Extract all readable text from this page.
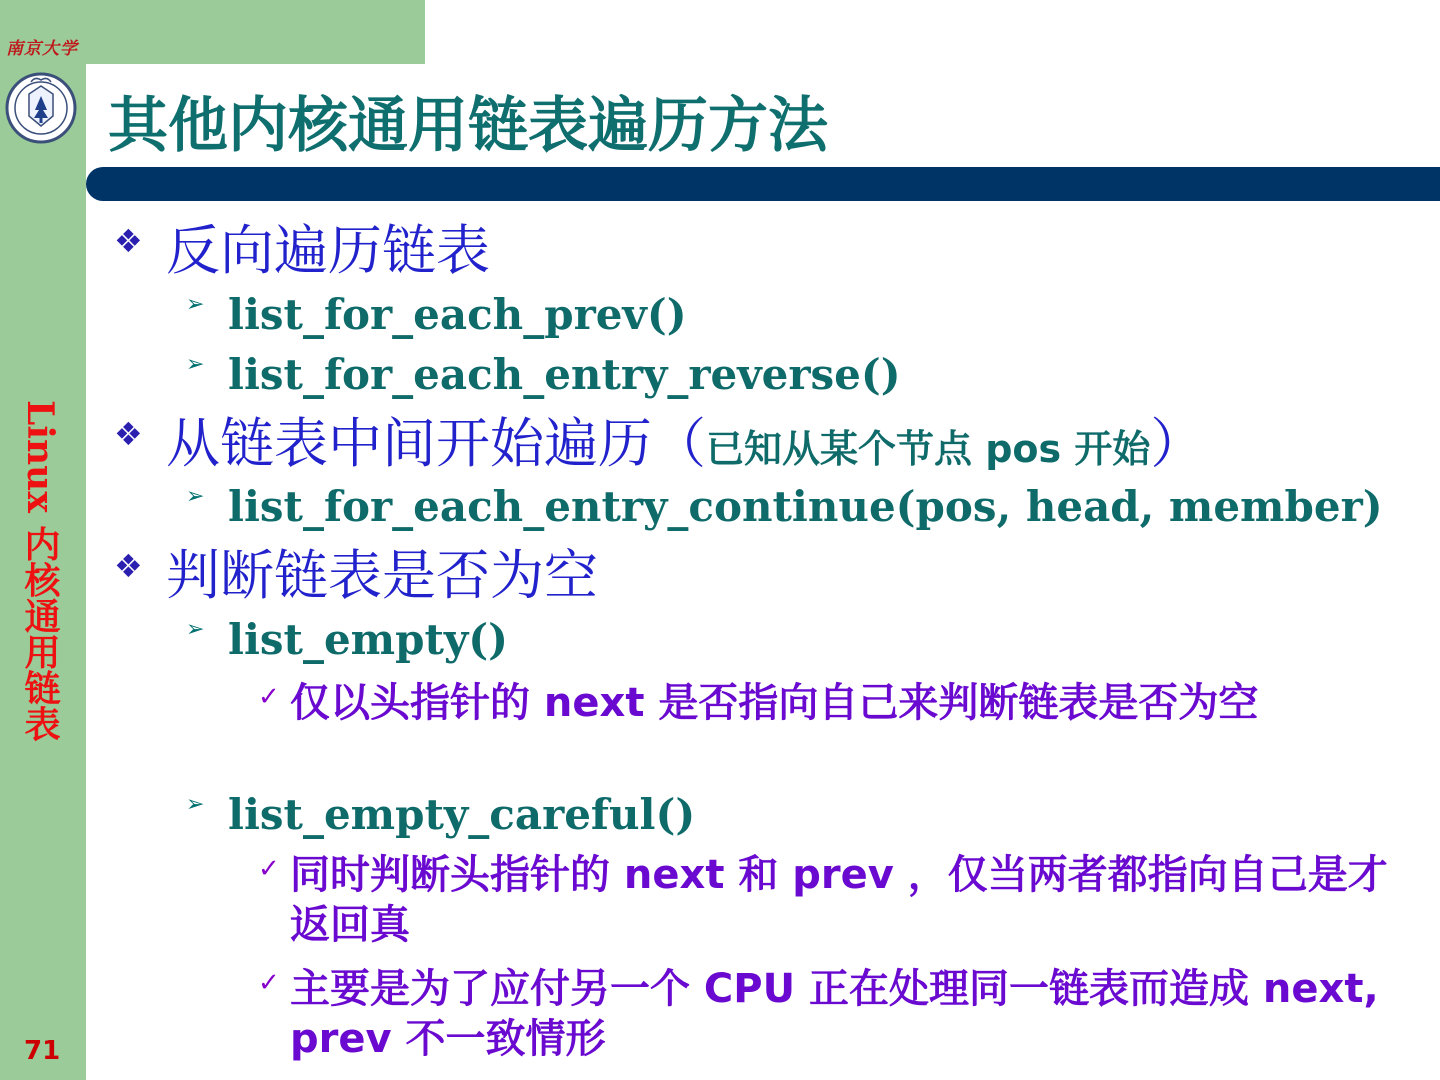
南京大学
其他内核通用链表遍历方法
Linux 内核通用链表
71
❖ 反向遍历链表
➢ list_for_each_prev()
➢ list_for_each_entry_reverse()
❖ 从链表中间开始遍历（已知从某个节点 pos 开始）
➢ list_for_each_entry_continue(pos, head, member)
❖ 判断链表是否为空
➢ list_empty()
✓ 仅以头指针的 next 是否指向自己来判断链表是否为空
➢ list_empty_careful()
✓ 同时判断头指针的 next 和 prev ，仅当两者都指向自己是才返回真
✓ 主要是为了应付另一个 CPU 正在处理同一链表而造成 next, prev 不一致情形
